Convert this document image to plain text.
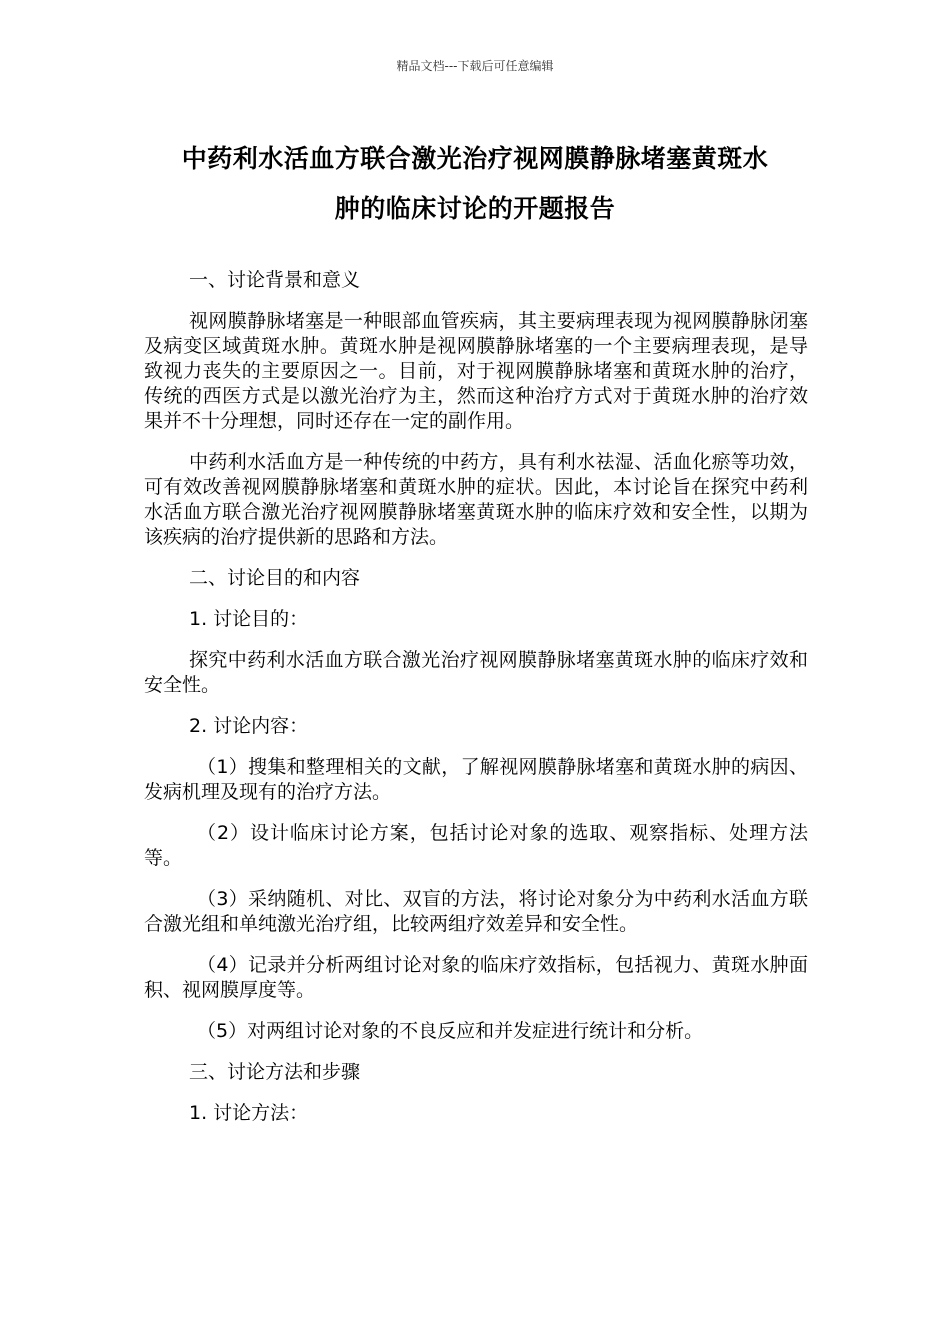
精品文档---下载后可任意编辑
中药利水活血方联合激光治疗视网膜静脉堵塞黄斑水
肿的临床讨论的开题报告

一、讨论背景和意义

视网膜静脉堵塞是一种眼部血管疾病，其主要病理表现为视网膜静脉闭塞及病变区域黄斑水肿。黄斑水肿是视网膜静脉堵塞的一个主要病理表现，是导致视力丧失的主要原因之一。目前，对于视网膜静脉堵塞和黄斑水肿的治疗，传统的西医方式是以激光治疗为主，然而这种治疗方式对于黄斑水肿的治疗效果并不十分理想，同时还存在一定的副作用。

中药利水活血方是一种传统的中药方，具有利水祛湿、活血化瘀等功效，可有效改善视网膜静脉堵塞和黄斑水肿的症状。因此，本讨论旨在探究中药利水活血方联合激光治疗视网膜静脉堵塞黄斑水肿的临床疗效和安全性，以期为该疾病的治疗提供新的思路和方法。

二、讨论目的和内容

1. 讨论目的：

探究中药利水活血方联合激光治疗视网膜静脉堵塞黄斑水肿的临床疗效和安全性。

2. 讨论内容：

（1）搜集和整理相关的文献，了解视网膜静脉堵塞和黄斑水肿的病因、发病机理及现有的治疗方法。

（2）设计临床讨论方案，包括讨论对象的选取、观察指标、处理方法等。

（3）采纳随机、对比、双盲的方法，将讨论对象分为中药利水活血方联合激光组和单纯激光治疗组，比较两组疗效差异和安全性。

（4）记录并分析两组讨论对象的临床疗效指标，包括视力、黄斑水肿面积、视网膜厚度等。

（5）对两组讨论对象的不良反应和并发症进行统计和分析。

三、讨论方法和步骤

1. 讨论方法：
